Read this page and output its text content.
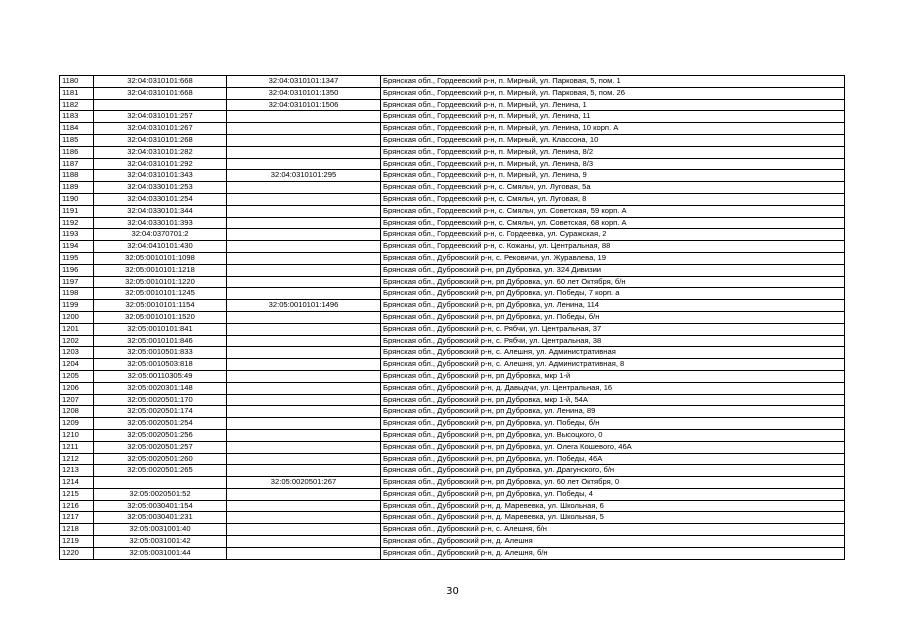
1180	32:04:0310101:668	32:04:0310101:1347	Брянская обл., Гордеевский р-н, п. Мирный, ул. Парковая, 5, пом. 1
1181	32:04:0310101:668	32:04:0310101:1350	Брянская обл., Гордеевский р-н, п. Мирный, ул. Парковая, 5, пом. 26
1182		32:04:0310101:1506	Брянская обл., Гордеевский р-н, п. Мирный, ул. Ленина, 1
1183	32:04:0310101:257		Брянская обл., Гордеевский р-н, п. Мирный, ул. Ленина, 11
1184	32:04:0310101:267		Брянская обл., Гордеевский р-н, п. Мирный, ул. Ленина, 10 корп. А
1185	32:04:0310101:268		Брянская обл., Гордеевский р-н, п. Мирный, ул. Классона, 10
1186	32:04:0310101:282		Брянская обл., Гордеевский р-н, п. Мирный, ул. Ленина, 8/2
1187	32:04:0310101:292		Брянская обл., Гордеевский р-н, п. Мирный, ул. Ленина, 8/3
1188	32:04:0310101:343	32:04:0310101:295	Брянская обл., Гордеевский р-н, п. Мирный, ул. Ленина, 9
1189	32:04:0330101:253		Брянская обл., Гордеевский р-н, с. Смяльч, ул. Луговая, 5а
1190	32:04:0330101:254		Брянская обл., Гордеевский р-н, с. Смяльч, ул. Луговая, 8
1191	32:04:0330101:344		Брянская обл., Гордеевский р-н, с. Смяльч, ул. Советская, 59 корп. А
1192	32:04:0330101:393		Брянская обл., Гордеевский р-н, с. Смяльч, ул. Советская, 68 корп. А
1193	32:04:0370701:2		Брянская обл., Гордеевский р-н, с. Гордеевка, ул. Суражская, 2
1194	32:04:0410101:430		Брянская обл., Гордеевский р-н, с. Кожаны, ул. Центральная, 88
1195	32:05:0010101:1098		Брянская обл., Дубровский р-н, с. Рековичи, ул. Журавлева, 19
1196	32:05:0010101:1218		Брянская обл., Дубровский р-н, рп Дубровка, ул. 324 Дивизии
1197	32:05:0010101:1220		Брянская обл., Дубровский р-н, рп Дубровка, ул. 60 лет Октября, б/н
1198	32:05:0010101:1245		Брянская обл., Дубровский р-н, рп Дубровка, ул. Победы, 7 корп. а
1199	32:05:0010101:1154	32:05:0010101:1496	Брянская обл., Дубровский р-н, рп Дубровка, ул. Ленина, 114
1200	32:05:0010101:1520		Брянская обл., Дубровский р-н, рп Дубровка, ул. Победы, б/н
1201	32:05:0010101:841		Брянская обл., Дубровский р-н, с. Рябчи, ул. Центральная, 37
1202	32:05:0010101:846		Брянская обл., Дубровский р-н, с. Рябчи, ул. Центральная, 38
1203	32:05:0010501:833		Брянская обл., Дубровский р-н, с. Алешня, ул. Административная
1204	32:05:0010503:818		Брянская обл., Дубровский р-н, с. Алешня, ул. Административная, 8
1205	32:05:00110305:49		Брянская обл., Дубровский р-н, рп Дубровка, мкр 1-й
1206	32:05:0020301:148		Брянская обл., Дубровский р-н, д. Давыдчи, ул. Центральная, 16
1207	32:05:0020501:170		Брянская обл., Дубровский р-н, рп Дубровка, мкр 1-й, 54А
1208	32:05:0020501:174		Брянская обл., Дубровский р-н, рп Дубровка, ул. Ленина, 89
1209	32:05:0020501:254		Брянская обл., Дубровский р-н, рп Дубровка, ул. Победы, б/н
1210	32:05:0020501:256		Брянская обл., Дубровский р-н, рп Дубровка, ул. Высоцкого, 0
1211	32:05:0020501:257		Брянская обл., Дубровский р-н, рп Дубровка, ул. Олега Кошевого, 46А
1212	32:05:0020501:260		Брянская обл., Дубровский р-н, рп Дубровка, ул. Победы, 46А
1213	32:05:0020501:265		Брянская обл., Дубровский р-н, рп Дубровка, ул. Драгунского, б/н
1214		32:05:0020501:267	Брянская обл., Дубровский р-н, рп Дубровка, ул. 60 лет Октября, 0
1215	32:05:0020501:52		Брянская обл., Дубровский р-н, рп Дубровка, ул. Победы, 4
1216	32:05:0030401:154		Брянская обл., Дубровский р-н, д. Маревевка, ул. Школьная, 6
1217	32:05:0030401:231		Брянская обл., Дубровский р-н, д. Маревевка, ул. Школьная, 5
1218	32:05:0031001:40		Брянская обл., Дубровский р-н, с. Алешня, б/н
1219	32:05:0031001:42		Брянская обл., Дубровский р-н, д. Алешня
1220	32:05:0031001:44		Брянская обл., Дубровский р-н, д. Алешня, б/н
30
